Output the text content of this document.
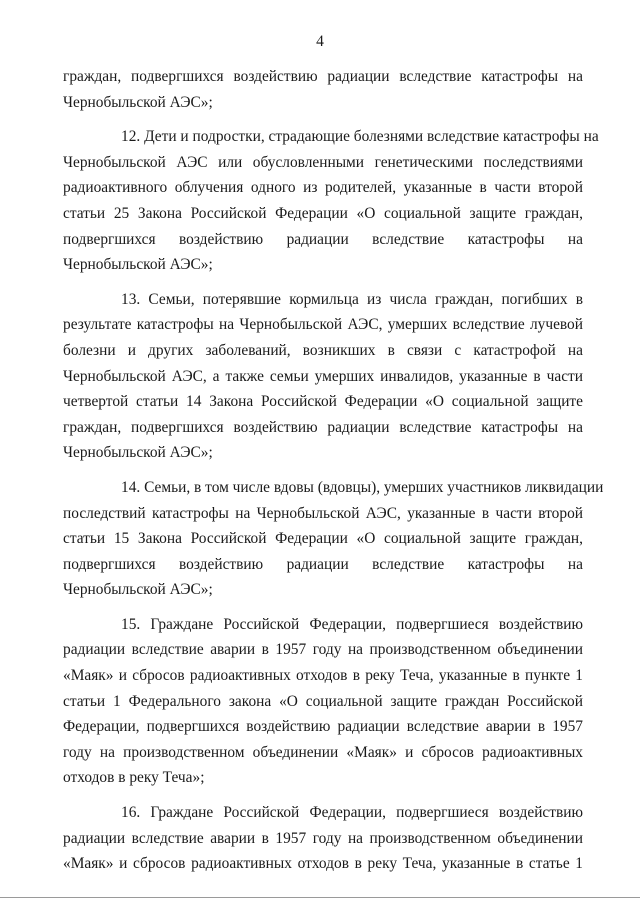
4
граждан, подвергшихся воздействию радиации вследствие катастрофы на
Чернобыльской АЭС»;
12. Дети и подростки, страдающие болезнями вследствие катастрофы на
Чернобыльской АЭС или обусловленными генетическими последствиями
радиоактивного облучения одного из родителей, указанные в части второй
статьи 25 Закона Российской Федерации «О социальной защите граждан,
подвергшихся воздействию радиации вследствие катастрофы на
Чернобыльской АЭС»;
13. Семьи, потерявшие кормильца из числа граждан, погибших в
результате катастрофы на Чернобыльской АЭС, умерших вследствие лучевой
болезни и других заболеваний, возникших в связи с катастрофой на
Чернобыльской АЭС, а также семьи умерших инвалидов, указанные в части
четвертой статьи 14 Закона Российской Федерации «О социальной защите
граждан, подвергшихся воздействию радиации вследствие катастрофы на
Чернобыльской АЭС»;
14. Семьи, в том числе вдовы (вдовцы), умерших участников ликвидации
последствий катастрофы на Чернобыльской АЭС, указанные в части второй
статьи 15 Закона Российской Федерации «О социальной защите граждан,
подвергшихся воздействию радиации вследствие катастрофы на
Чернобыльской АЭС»;
15. Граждане Российской Федерации, подвергшиеся воздействию
радиации вследствие аварии в 1957 году на производственном объединении
«Маяк» и сбросов радиоактивных отходов в реку Теча, указанные в пункте 1
статьи 1 Федерального закона «О социальной защите граждан Российской
Федерации, подвергшихся воздействию радиации вследствие аварии в 1957
году на производственном объединении «Маяк» и сбросов радиоактивных
отходов в реку Теча»;
16. Граждане Российской Федерации, подвергшиеся воздействию
радиации вследствие аварии в 1957 году на производственном объединении
«Маяк» и сбросов радиоактивных отходов в реку Теча, указанные в статье 1
